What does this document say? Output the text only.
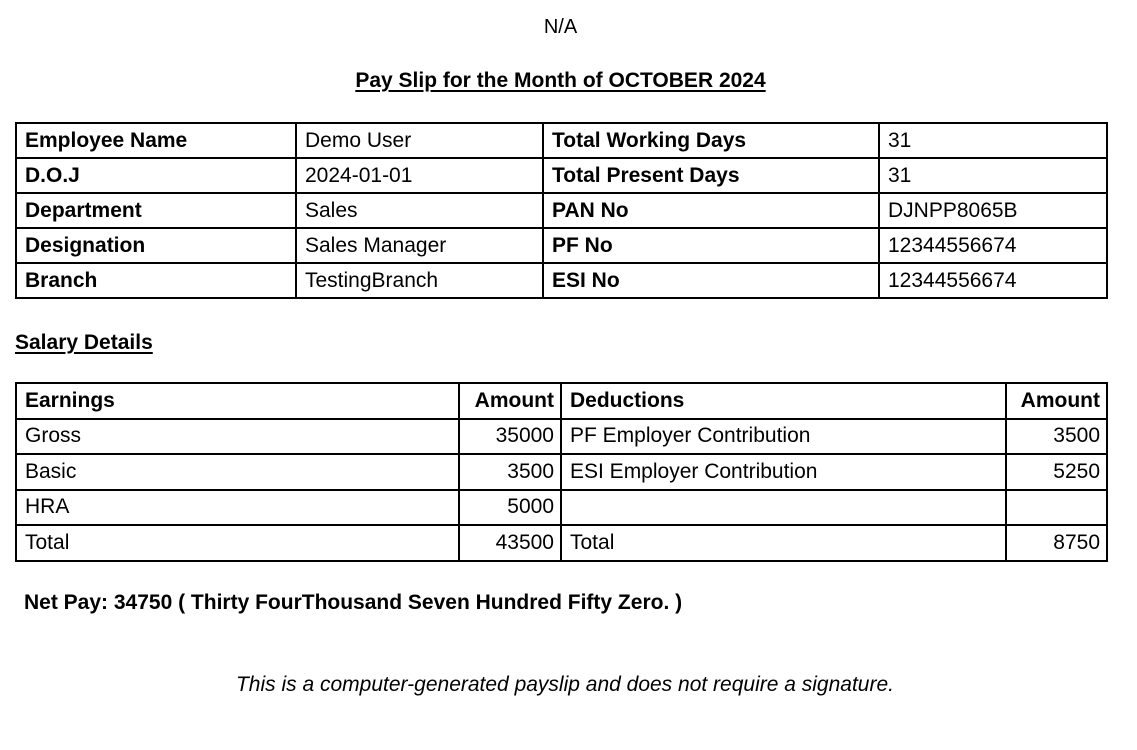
N/A
Pay Slip for the Month of OCTOBER 2024
Employee Name	Demo User	Total Working Days	31
D.O.J	2024-01-01	Total Present Days	31
Department	Sales	PAN No	DJNPP8065B
Designation	Sales Manager	PF No	12344556674
Branch	TestingBranch	ESI No	12344556674
Salary Details
Earnings	Amount	Deductions	Amount
Gross	35000	PF Employer Contribution	3500
Basic	3500	ESI Employer Contribution	5250
HRA	5000		
Total	43500	Total	8750
Net Pay: 34750 ( Thirty FourThousand Seven Hundred Fifty Zero. )
This is a computer-generated payslip and does not require a signature.
